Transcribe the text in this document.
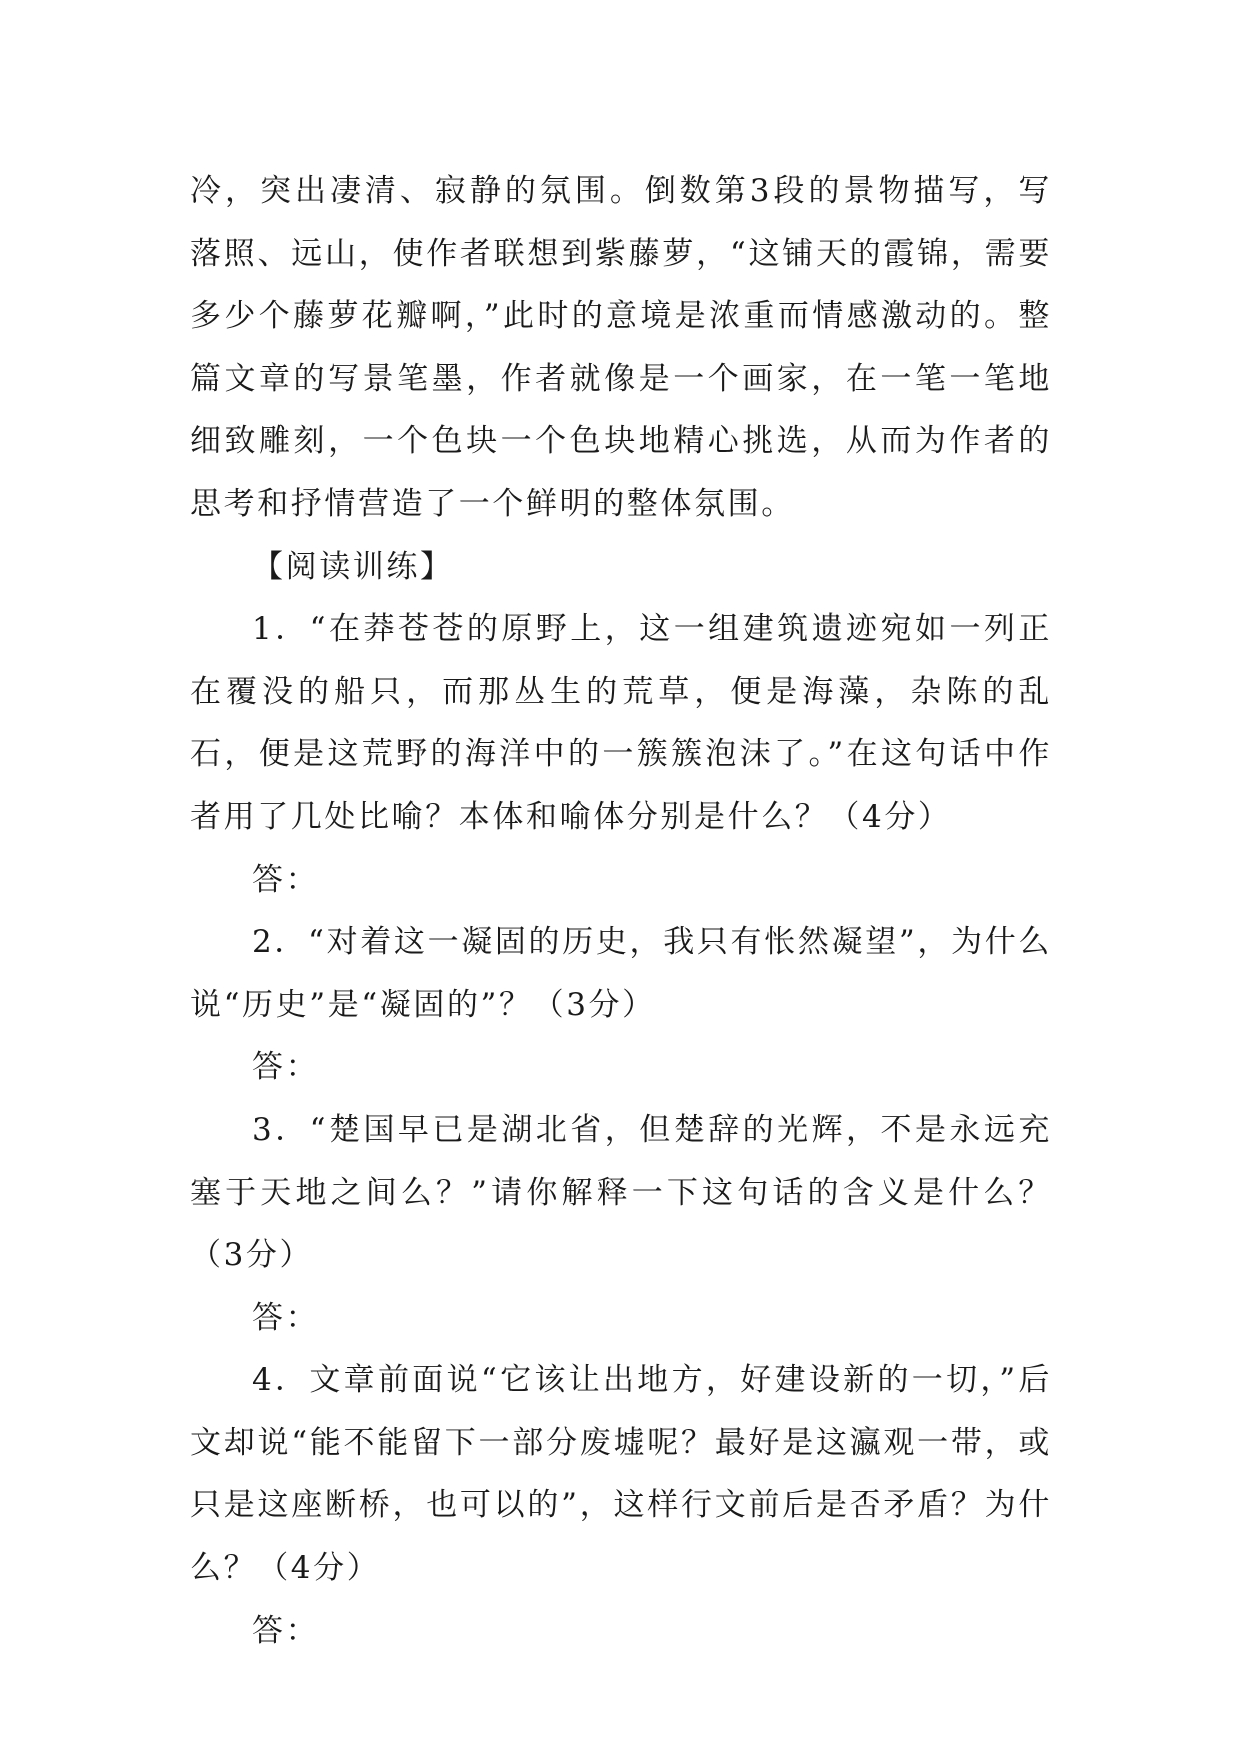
冷，突出凄清、寂静的氛围。倒数第3段的景物描写，写落照、远山，使作者联想到紫藤萝，“这铺天的霞锦，需要多少个藤萝花瓣啊，”此时的意境是浓重而情感激动的。整篇文章的写景笔墨，作者就像是一个画家，在一笔一笔地细致雕刻，一个色块一个色块地精心挑选，从而为作者的思考和抒情营造了一个鲜明的整体氛围。

【阅读训练】

1．“在莽苍苍的原野上，这一组建筑遗迹宛如一列正在覆没的船只，而那丛生的荒草，便是海藻，杂陈的乱石，便是这荒野的海洋中的一簇簇泡沫了。”在这句话中作者用了几处比喻？本体和喻体分别是什么？（4分）

答：

2．“对着这一凝固的历史，我只有怅然凝望”，为什么说“历史”是“凝固的”？（3分）

答：

3．“楚国早已是湖北省，但楚辞的光辉，不是永远充塞于天地之间么？”请你解释一下这句话的含义是什么？（3分）

答：

4．文章前面说“它该让出地方，好建设新的一切，”后文却说“能不能留下一部分废墟呢？最好是这瀛观一带，或只是这座断桥，也可以的”，这样行文前后是否矛盾？为什么？（4分）

答：
